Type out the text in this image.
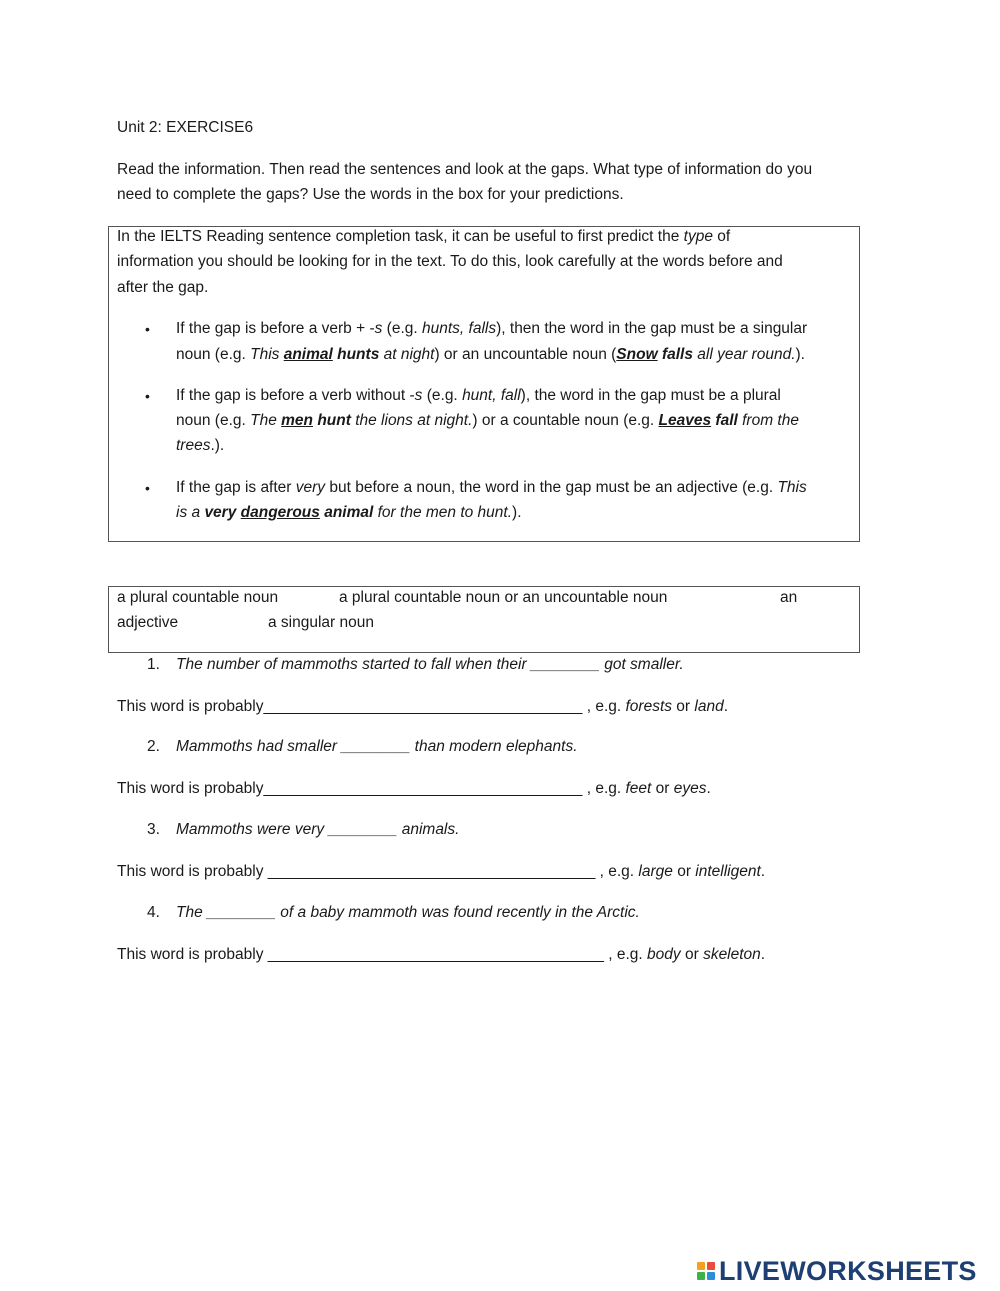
Unit 2: EXERCISE6
Read the information. Then read the sentences and look at the gaps. What type of information do you
need to complete the gaps? Use the words in the box for your predictions.
In the IELTS Reading sentence completion task, it can be useful to first predict the type of
information you should be looking for in the text. To do this, look carefully at the words before and
after the gap.
• If the gap is before a verb + -s (e.g. hunts, falls), then the word in the gap must be a singular
noun (e.g. This animal hunts at night) or an uncountable noun (Snow falls all year round.).
• If the gap is before a verb without -s (e.g. hunt, fall), the word in the gap must be a plural
noun (e.g. The men hunt the lions at night.) or a countable noun (e.g. Leaves fall from the
trees.).
• If the gap is after very but before a noun, the word in the gap must be an adjective (e.g. This
is a very dangerous animal for the men to hunt.).
a plural countable noun	a plural countable noun or an uncountable noun	an
adjective	a singular noun
1. The number of mammoths started to fall when their ________ got smaller.
This word is probably_____________________________________ , e.g. forests or land.
2. Mammoths had smaller ________ than modern elephants.
This word is probably_____________________________________ , e.g. feet or eyes.
3. Mammoths were very ________ animals.
This word is probably ______________________________________ , e.g. large or intelligent.
4. The ________ of a baby mammoth was found recently in the Arctic.
This word is probably _______________________________________ , e.g. body or skeleton.
LIVEWORKSHEETS
